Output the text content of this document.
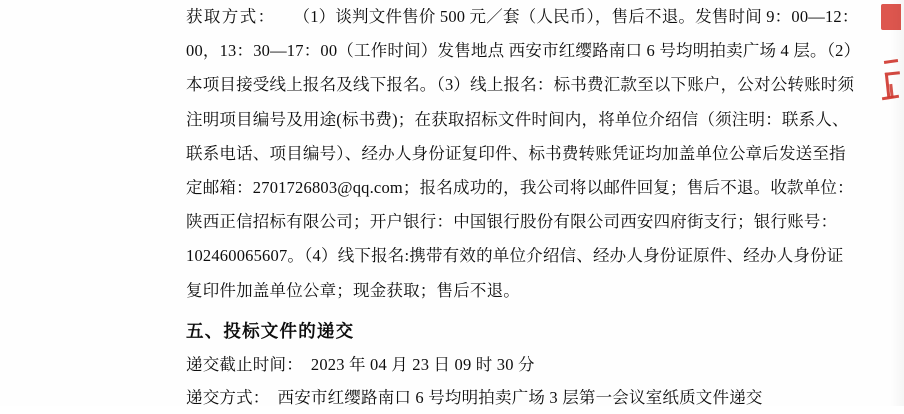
获取方式： （1）谈判文件售价 500 元／套（人民币），售后不退。发售时间 9：00—12：
00，13：30—17：00（工作时间）发售地点 西安市红缨路南口 6 号均明拍卖广场 4 层。（2）
本项目接受线上报名及线下报名。（3）线上报名：标书费汇款至以下账户，公对公转账时须
注明项目编号及用途(标书费)；在获取招标文件时间内，将单位介绍信（须注明：联系人、
联系电话、项目编号）、经办人身份证复印件、标书费转账凭证均加盖单位公章后发送至指
定邮箱：2701726803@qq.com；报名成功的，我公司将以邮件回复；售后不退。收款单位：
陕西正信招标有限公司；开户银行：中国银行股份有限公司西安四府街支行；银行账号：
102460065607。（4）线下报名:携带有效的单位介绍信、经办人身份证原件、经办人身份证
复印件加盖单位公章；现金获取；售后不退。
五、投标文件的递交
递交截止时间： 2023 年 04 月 23 日 09 时 30 分
递交方式： 西安市红缨路南口 6 号均明拍卖广场 3 层第一会议室纸质文件递交
